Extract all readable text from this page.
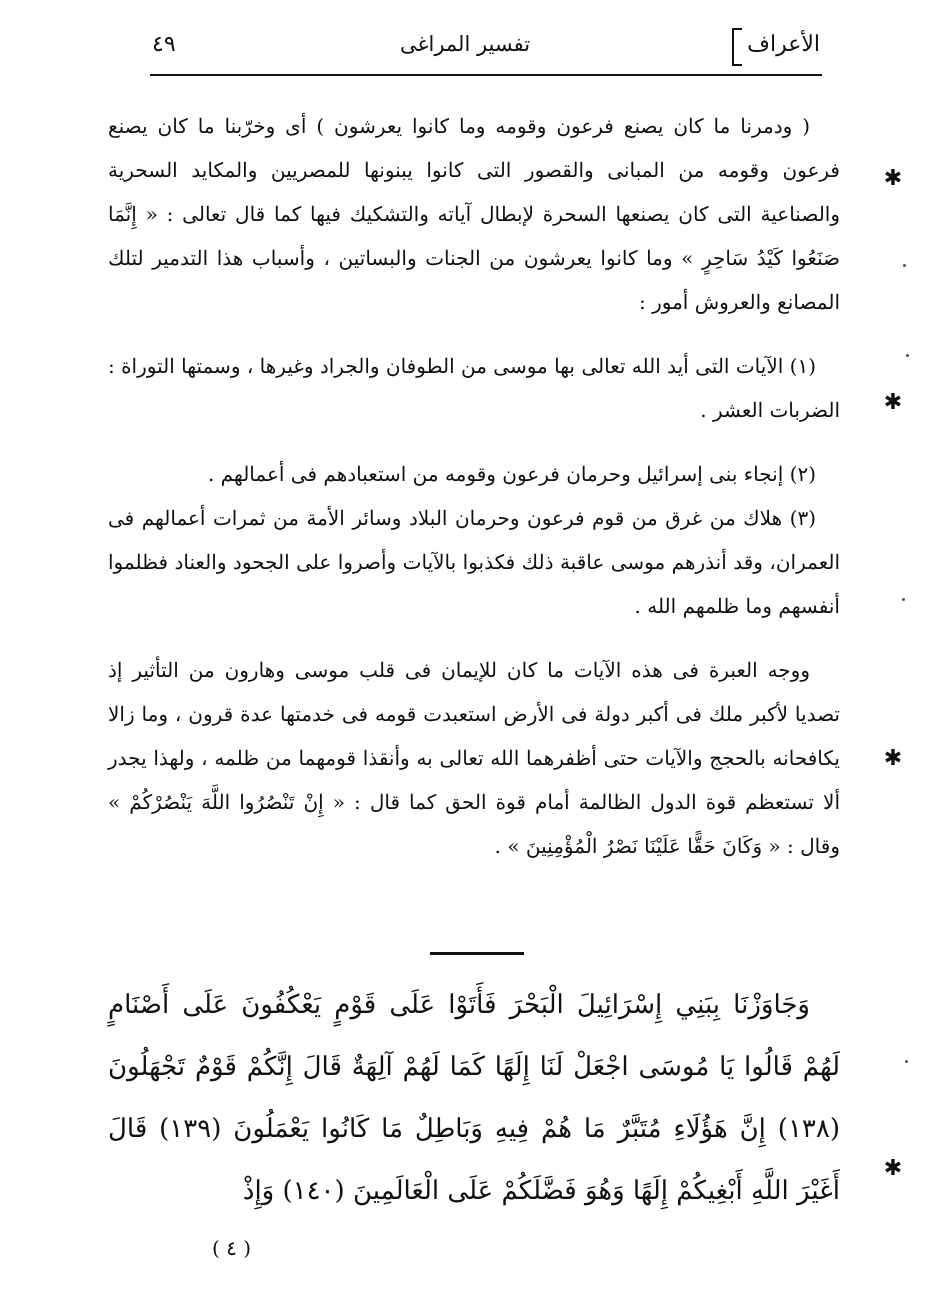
الأعراف
تفسير المراغى
٤٩

( ودمرنا ما كان يصنع فرعون وقومه وما كانوا يعرشون ) أى وخرّبنا ما كان يصنع فرعون وقومه من المبانى والقصور التى كانوا يبنونها للمصريين والمكايد السحرية والصناعية التى كان يصنعها السحرة لإبطال آياته والتشكيك فيها كما قال تعالى : « إِنَّمَا صَنَعُوا كَيْدُ سَاحِرٍ » وما كانوا يعرشون من الجنات والبساتين ، وأسباب هذا التدمير لتلك المصانع والعروش أمور :

(١) الآيات التى أيد الله تعالى بها موسى من الطوفان والجراد وغيرها ، وسمتها التوراة : الضربات العشر .

(٢) إنجاء بنى إسرائيل وحرمان فرعون وقومه من استعبادهم فى أعمالهم .

(٣) هلاك من غرق من قوم فرعون وحرمان البلاد وسائر الأمة من ثمرات أعمالهم فى العمران، وقد أنذرهم موسى عاقبة ذلك فكذبوا بالآيات وأصروا على الجحود والعناد فظلموا أنفسهم وما ظلمهم الله .

ووجه العبرة فى هذه الآيات ما كان للإيمان فى قلب موسى وهارون من التأثير إذ تصديا لأكبر ملك فى أكبر دولة فى الأرض استعبدت قومه فى خدمتها عدة قرون ، وما زالا يكافحانه بالحجج والآيات حتى أظفرهما الله تعالى به وأنقذا قومهما من ظلمه ، ولهذا يجدر ألا تستعظم قوة الدول الظالمة أمام قوة الحق كما قال : « إِنْ تَنْصُرُوا اللَّهَ يَنْصُرْكُمْ » وقال : « وَكَانَ حَقًّا عَلَيْنَا نَصْرُ الْمُؤْمِنِينَ » .

وَجَاوَزْنَا بِبَنِي إِسْرَائِيلَ الْبَحْرَ فَأَتَوْا عَلَى قَوْمٍ يَعْكُفُونَ عَلَى أَصْنَامٍ لَهُمْ قَالُوا يَا مُوسَى اجْعَلْ لَنَا إِلَهًا كَمَا لَهُمْ آلِهَةٌ قَالَ إِنَّكُمْ قَوْمٌ تَجْهَلُونَ (١٣٨) إِنَّ هَؤُلَاءِ مُتَبَّرٌ مَا هُمْ فِيهِ وَبَاطِلٌ مَا كَانُوا يَعْمَلُونَ (١٣٩) قَالَ أَغَيْرَ اللَّهِ أَبْغِيكُمْ إِلَهًا وَهُوَ فَضَّلَكُمْ عَلَى الْعَالَمِينَ (١٤٠) وَإِذْ

( ٤ )
✱
✱
✱
✱
